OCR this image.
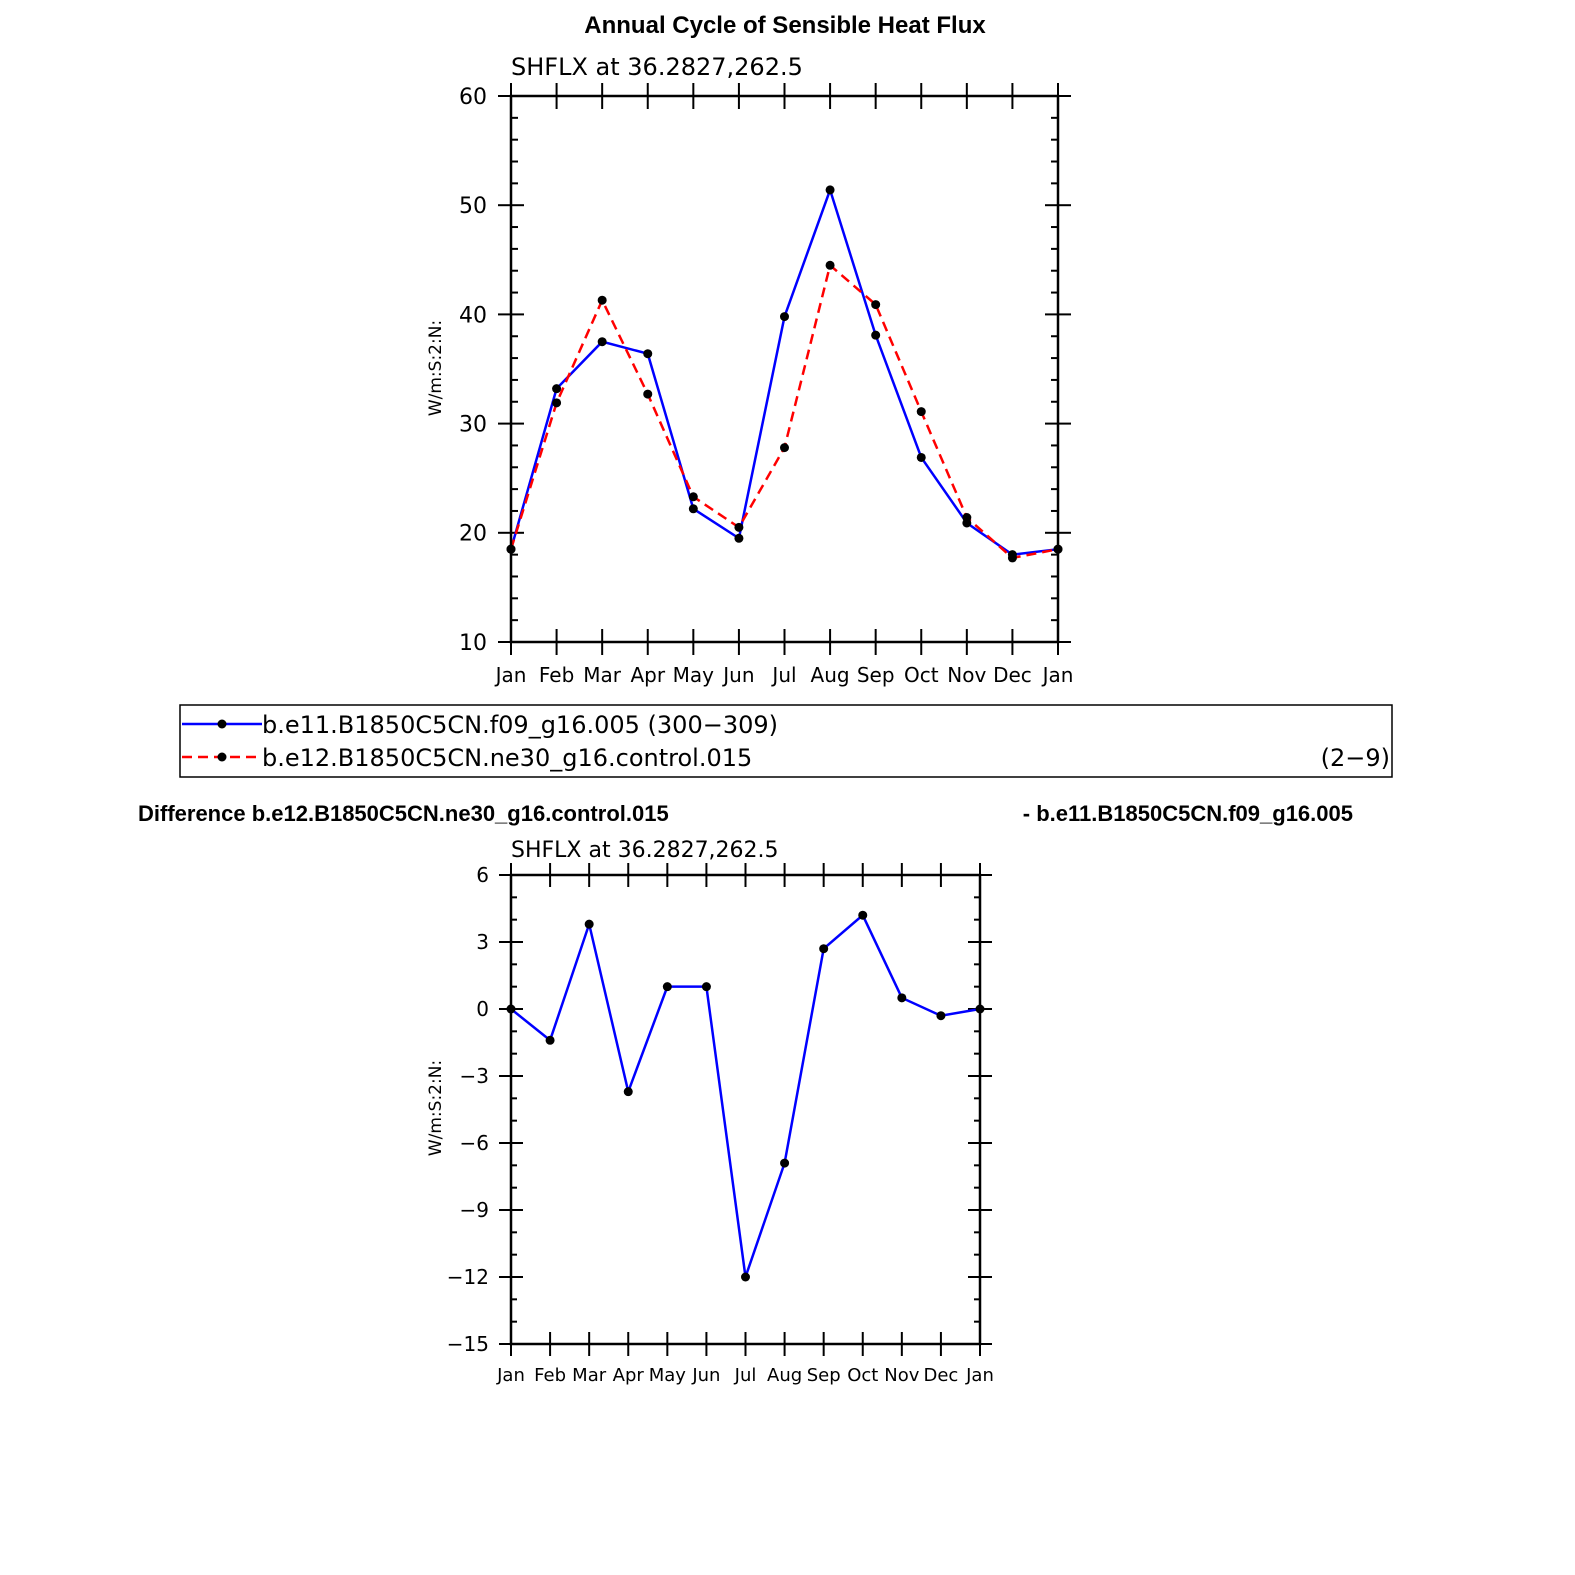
Annual Cycle of Sensible Heat Flux
SHFLX at 36.2827,262.5
W/m:S:2:N:
Jan Feb Mar Apr May Jun Jul Aug Sep Oct Nov Dec Jan
10
20
30
40
50
60
b.e11.B1850C5CN.f09_g16.005 (300−309)
b.e12.B1850C5CN.ne30_g16.control.015	(2−9)
Difference b.e12.B1850C5CN.ne30_g16.control.015	- b.e11.B1850C5CN.f09_g16.005
SHFLX at 36.2827,262.5
W/m:S:2:N:
Jan Feb Mar Apr May Jun Jul Aug Sep Oct Nov Dec Jan
−15
−12
−9
−6
−3
0
3
6
